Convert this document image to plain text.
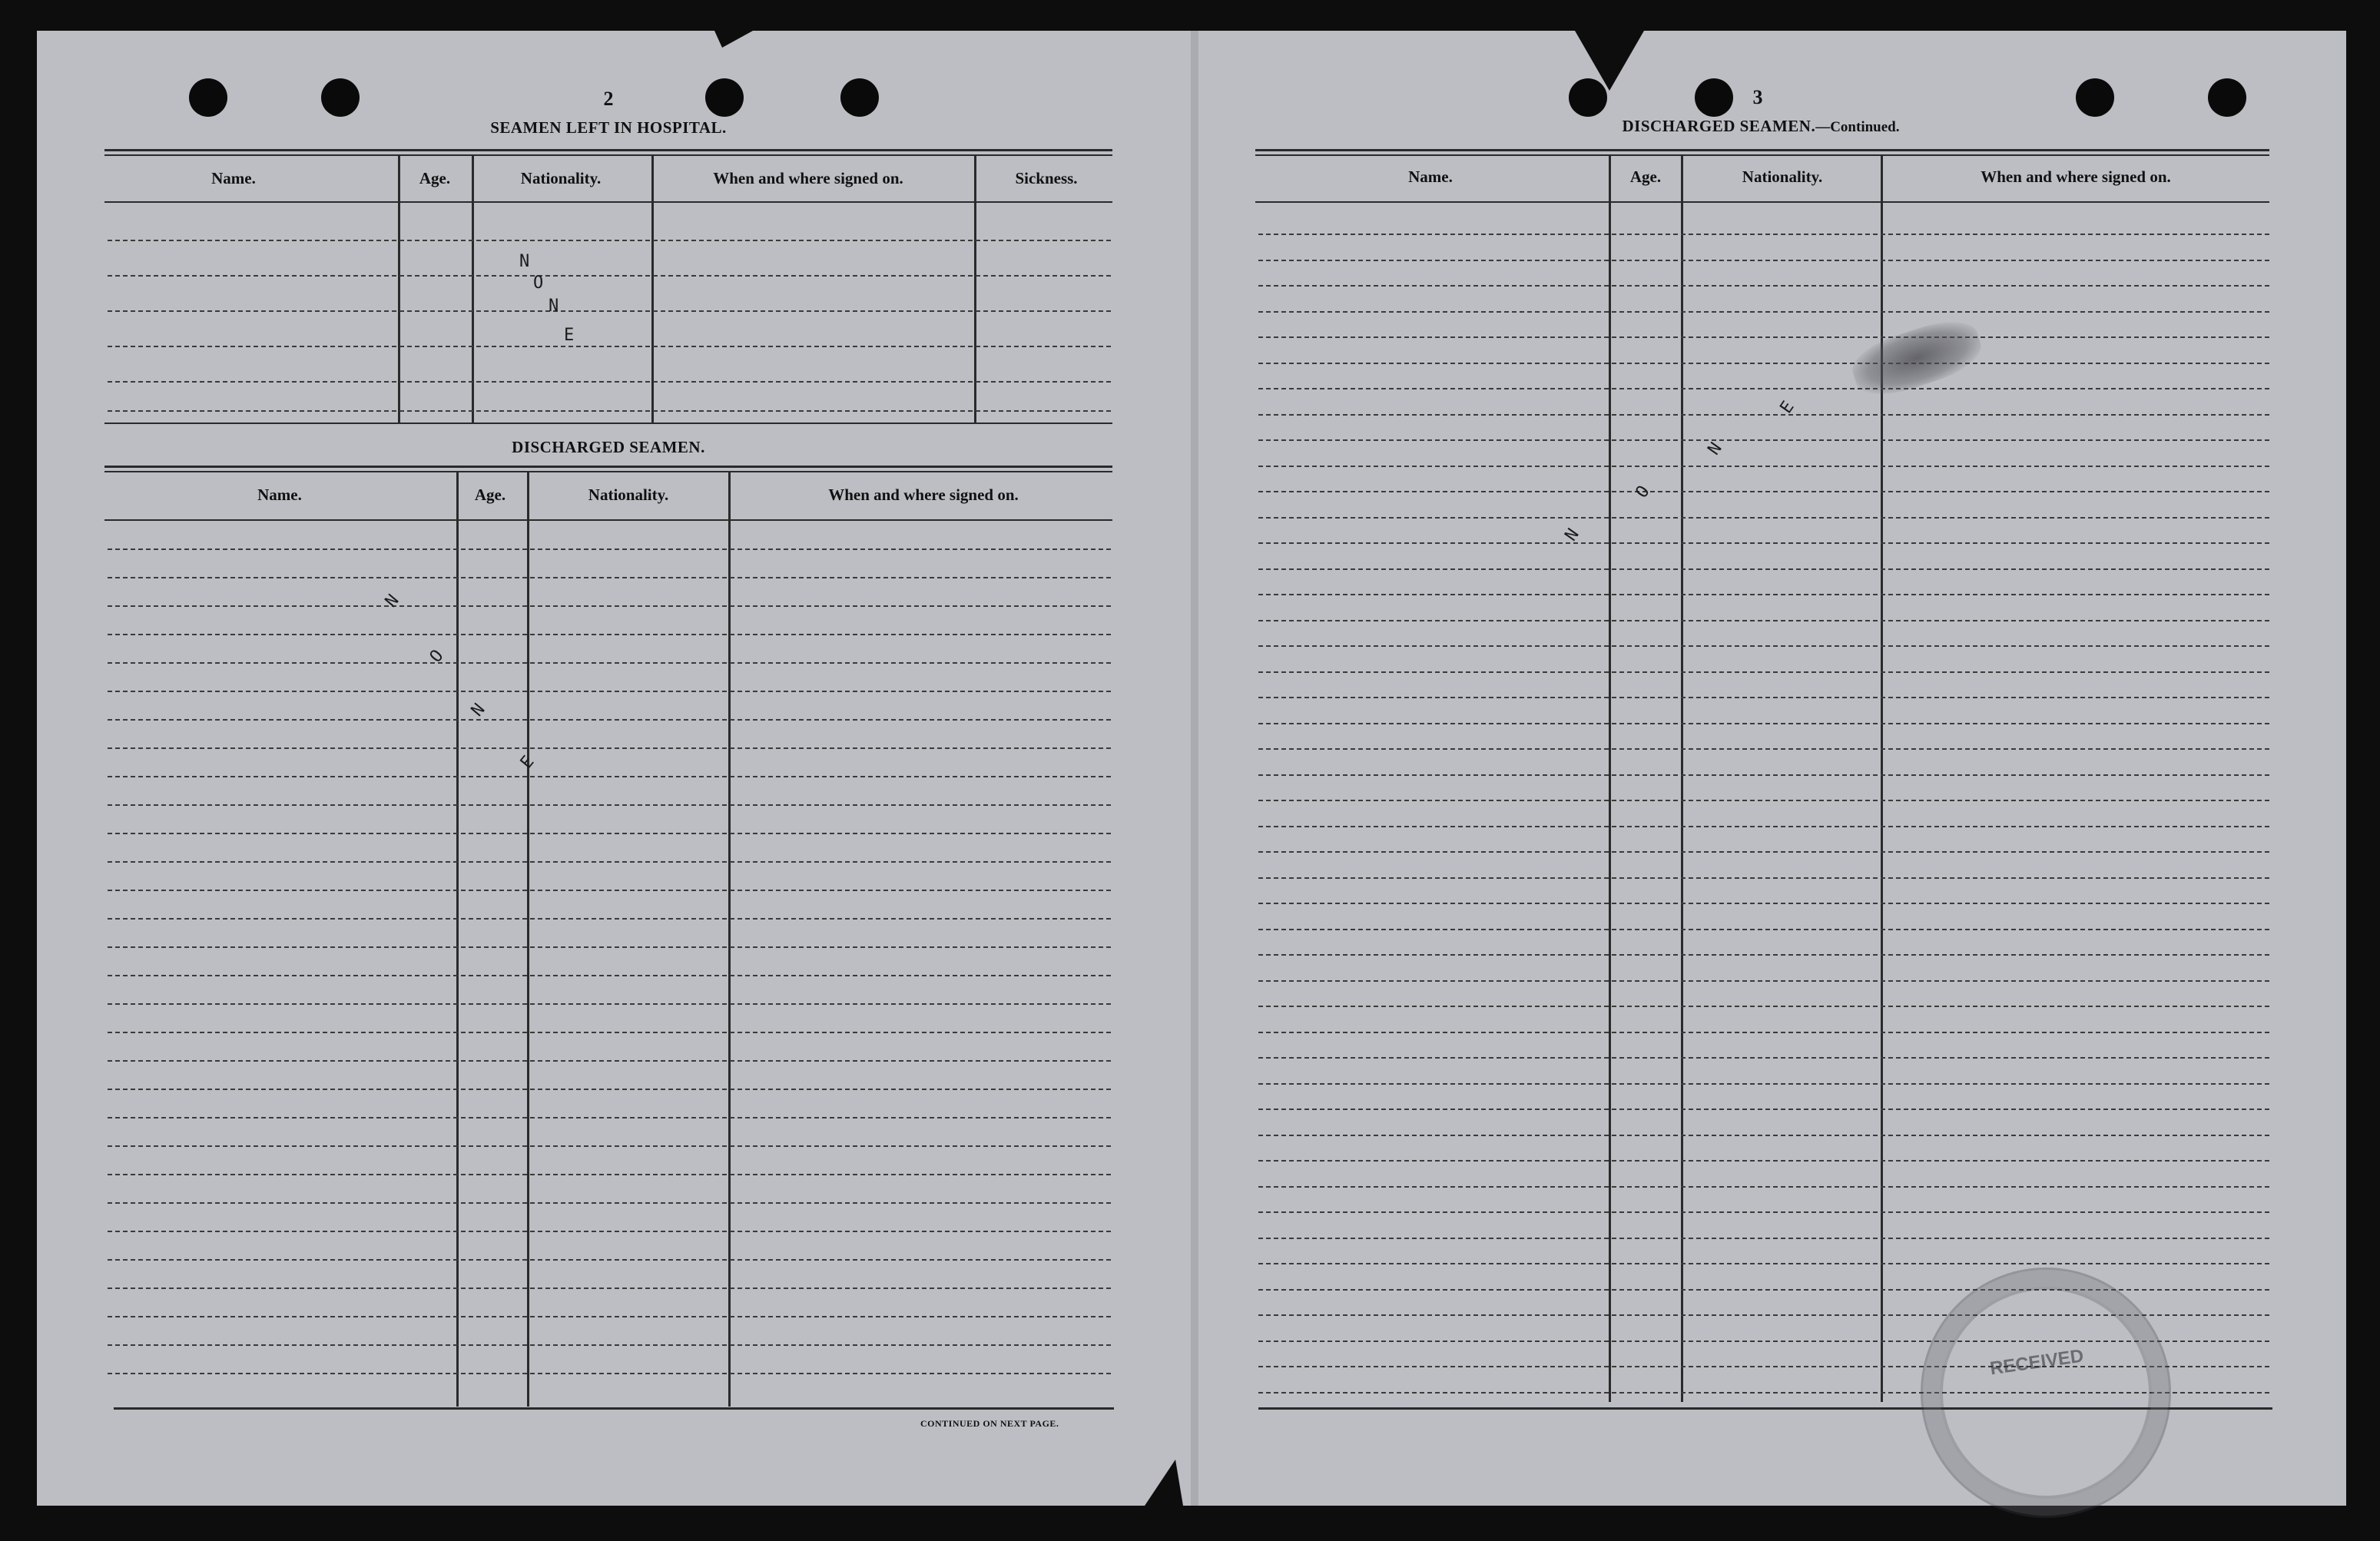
2
SEAMEN LEFT IN HOSPITAL.
Name.	Age.	Nationality.	When and where signed on.	Sickness.
N
O
N
E
DISCHARGED SEAMEN.
Name.	Age.	Nationality.	When and where signed on.
CONTINUED ON NEXT PAGE.
N
O
N
E
3
DISCHARGED SEAMEN.—Continued.
Name.	Age.	Nationality.	When and where signed on.
N
O
N
E
RECEIVED
